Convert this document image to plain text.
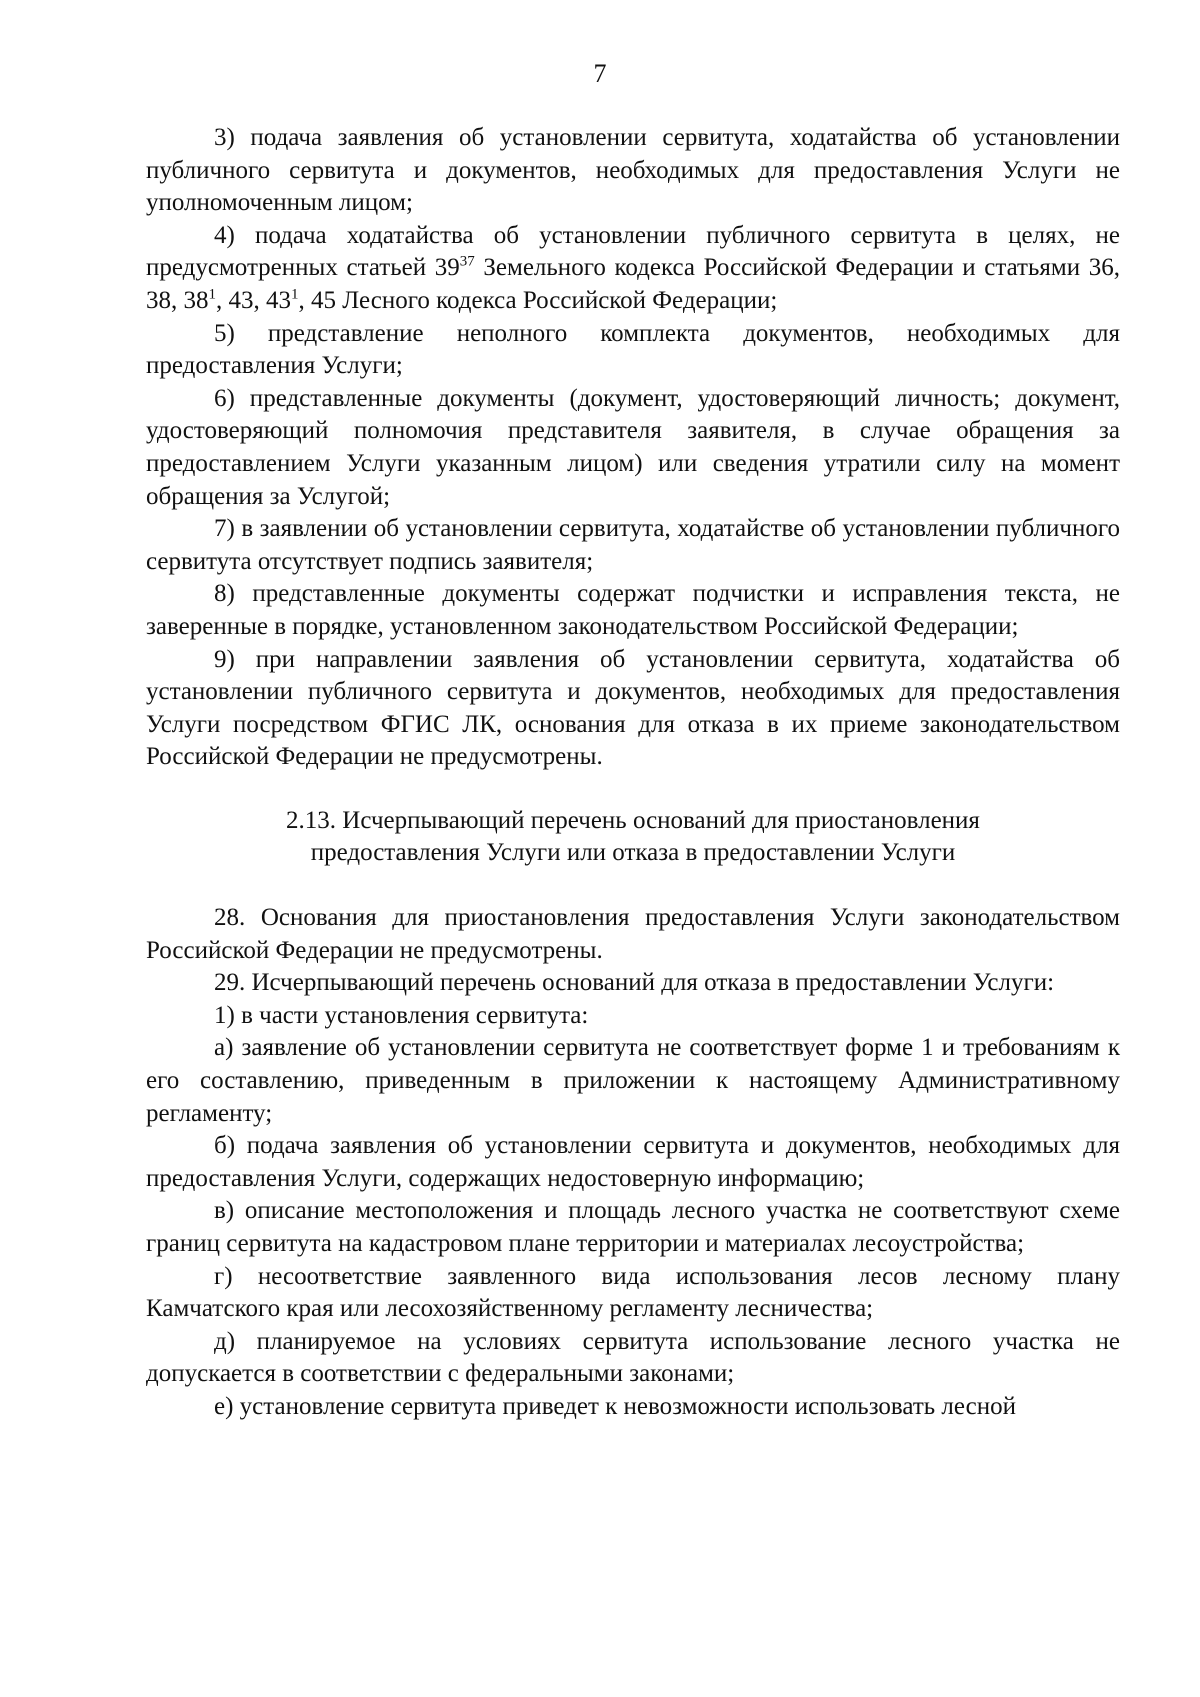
7

3) подача заявления об установлении сервитута, ходатайства об установлении публичного сервитута и документов, необходимых для предоставления Услуги не уполномоченным лицом;

4) подача ходатайства об установлении публичного сервитута в целях, не предусмотренных статьей $39^{37}$ Земельного кодекса Российской Федерации и статьями 36, 38, $38^1$, 43, $43^1$, 45 Лесного кодекса Российской Федерации;

5) представление неполного комплекта документов, необходимых для предоставления Услуги;

6) представленные документы (документ, удостоверяющий личность; документ, удостоверяющий полномочия представителя заявителя, в случае обращения за предоставлением Услуги указанным лицом) или сведения утратили силу на момент обращения за Услугой;

7) в заявлении об установлении сервитута, ходатайстве об установлении публичного сервитута отсутствует подпись заявителя;

8) представленные документы содержат подчистки и исправления текста, не заверенные в порядке, установленном законодательством Российской Федерации;

9) при направлении заявления об установлении сервитута, ходатайства об установлении публичного сервитута и документов, необходимых для предоставления Услуги посредством ФГИС ЛК, основания для отказа в их приеме законодательством Российской Федерации не предусмотрены.

2.13. Исчерпывающий перечень оснований для приостановления
предоставления Услуги или отказа в предоставлении Услуги

28. Основания для приостановления предоставления Услуги законодательством Российской Федерации не предусмотрены.

29. Исчерпывающий перечень оснований для отказа в предоставлении Услуги:

1) в части установления сервитута:

а) заявление об установлении сервитута не соответствует форме 1 и требованиям к его составлению, приведенным в приложении к настоящему Административному регламенту;

б) подача заявления об установлении сервитута и документов, необходимых для предоставления Услуги, содержащих недостоверную информацию;

в) описание местоположения и площадь лесного участка не соответствуют схеме границ сервитута на кадастровом плане территории и материалах лесоустройства;

г) несоответствие заявленного вида использования лесов лесному плану Камчатского края или лесохозяйственному регламенту лесничества;

д) планируемое на условиях сервитута использование лесного участка не допускается в соответствии с федеральными законами;

е) установление сервитута приведет к невозможности использовать лесной
